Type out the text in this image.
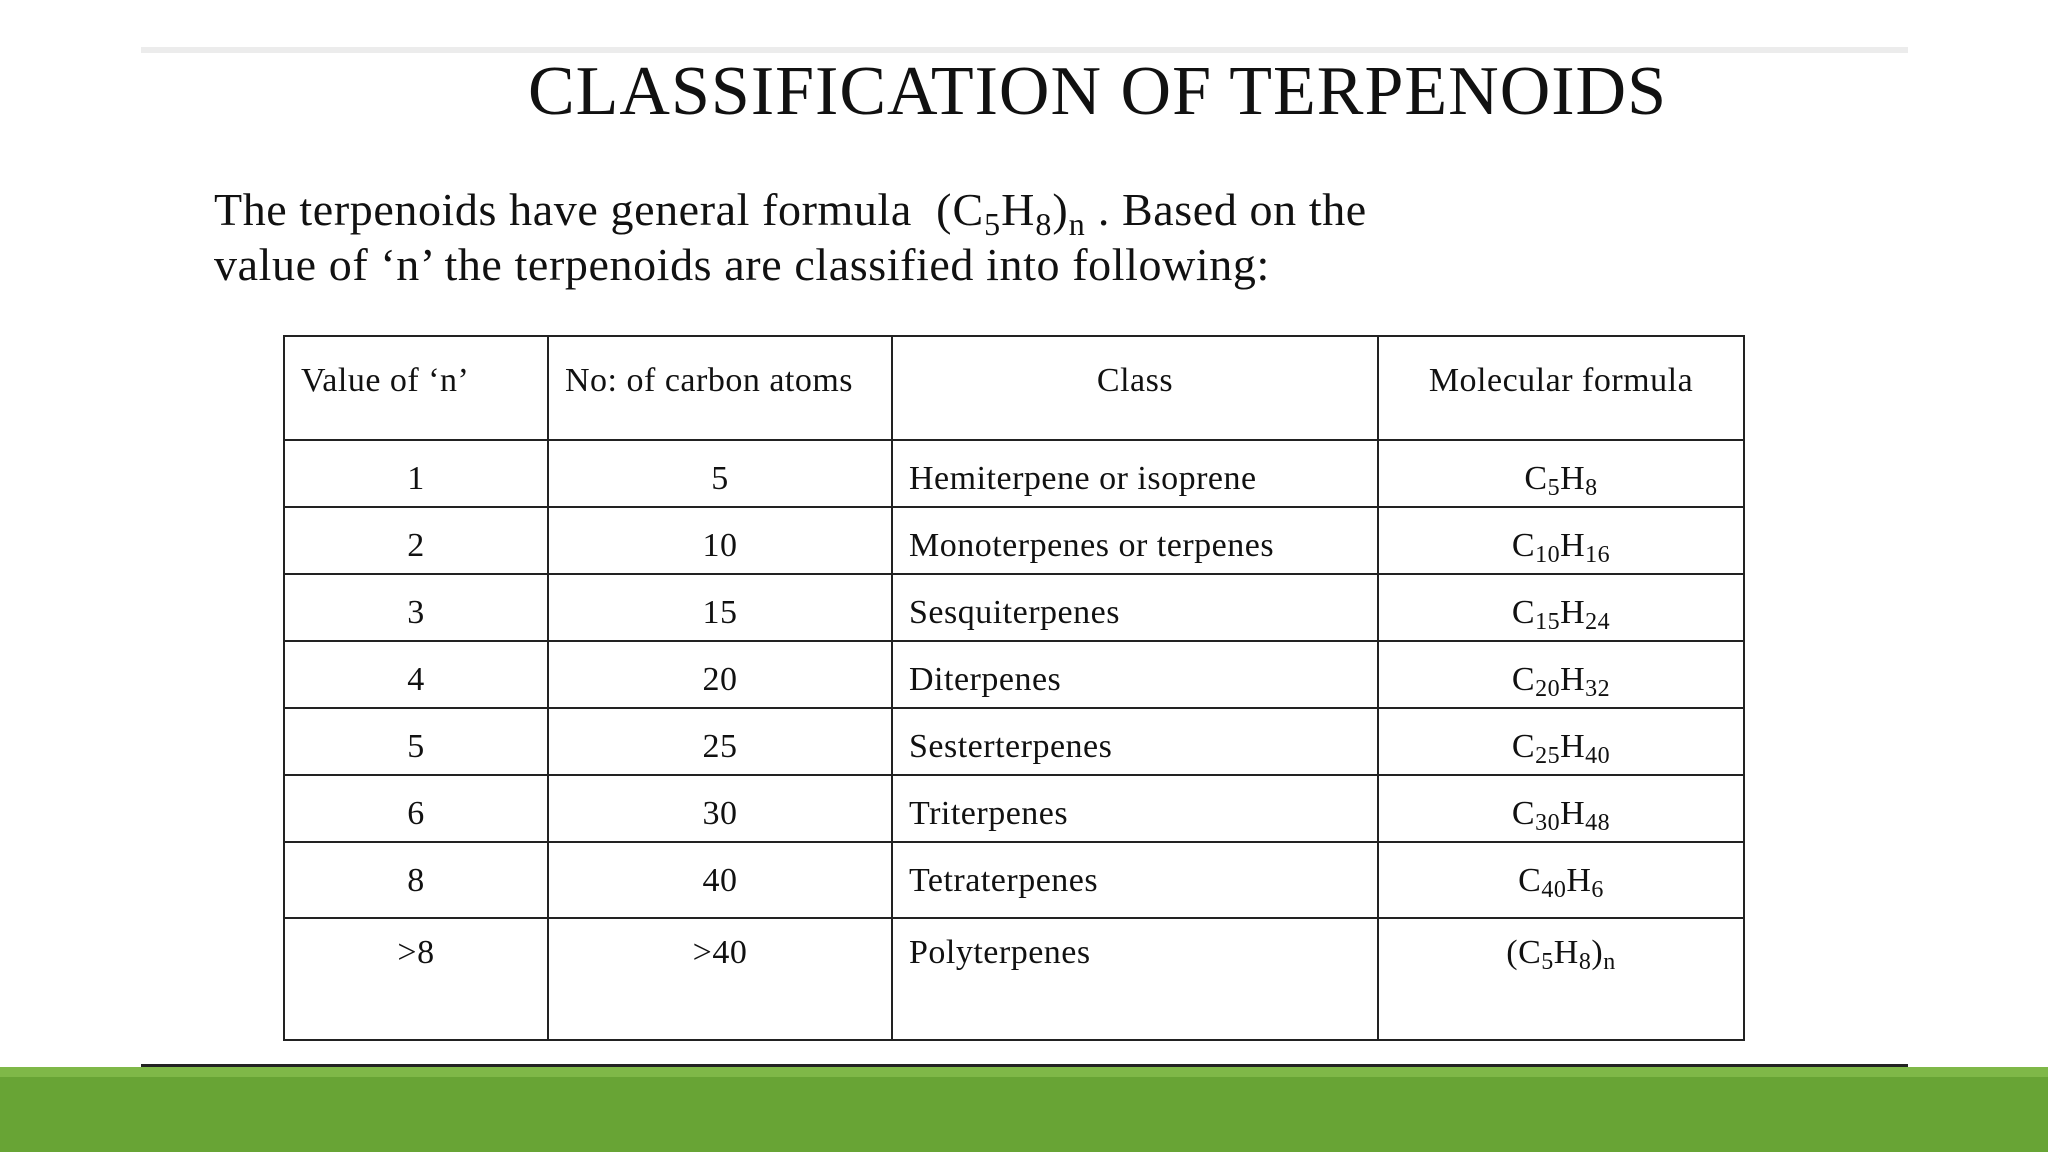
CLASSIFICATION OF TERPENOIDS
The terpenoids have general formula $(C_5H_8)_n$ . Based on the
value of ‘n’ the terpenoids are classified into following:
Value of ‘n’	No: of carbon atoms	Class	Molecular formula
1	5	Hemiterpene or isoprene	$C_5H_8$
2	10	Monoterpenes or terpenes	$C_{10}H_{16}$
3	15	Sesquiterpenes	$C_{15}H_{24}$
4	20	Diterpenes	$C_{20}H_{32}$
5	25	Sesterterpenes	$C_{25}H_{40}$
6	30	Triterpenes	$C_{30}H_{48}$
8	40	Tetraterpenes	$C_{40}H_6$
>8	>40	Polyterpenes	$(C_5H_8)_n$
